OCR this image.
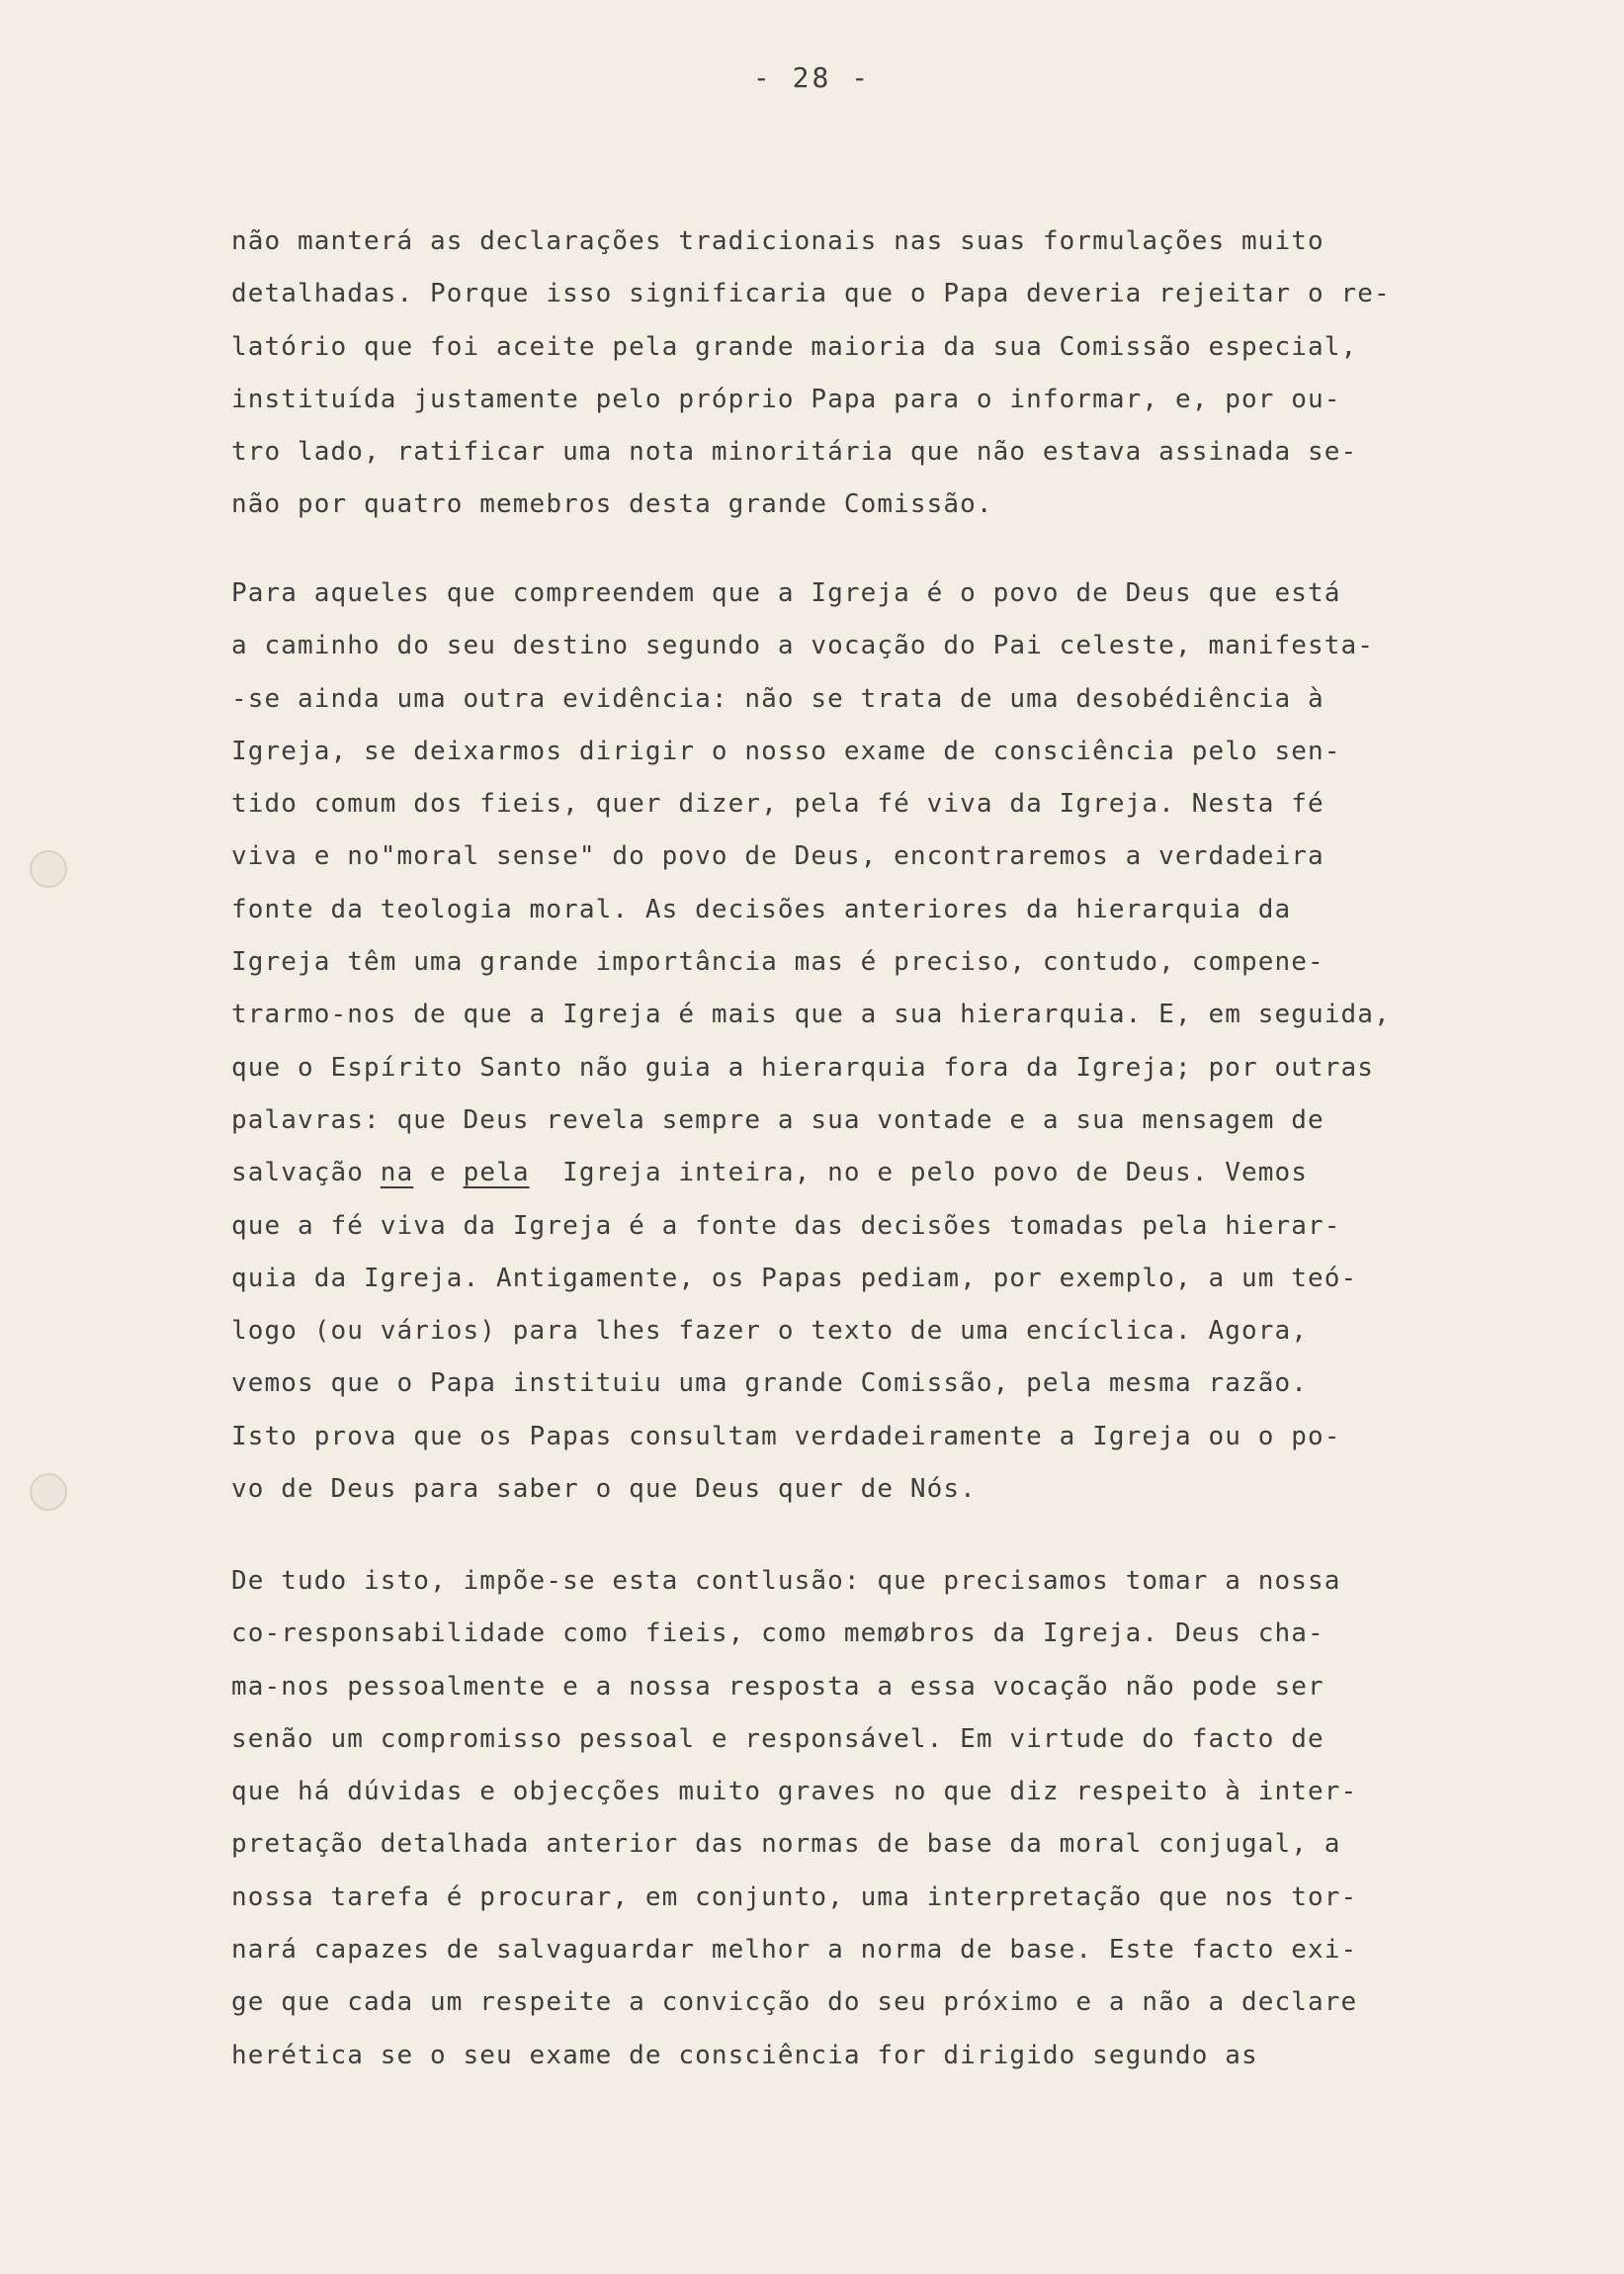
- 28 -
não manterá as declarações tradicionais nas suas formulações muito
detalhadas. Porque isso significaria que o Papa deveria rejeitar o re-
latório que foi aceite pela grande maioria da sua Comissão especial,
instituída justamente pelo próprio Papa para o informar, e, por ou-
tro lado, ratificar uma nota minoritária que não estava assinada se-
não por quatro memebros desta grande Comissão.
Para aqueles que compreendem que a Igreja é o povo de Deus que está
a caminho do seu destino segundo a vocação do Pai celeste, manifesta-
-se ainda uma outra evidência: não se trata de uma desobédiência à
Igreja, se deixarmos dirigir o nosso exame de consciência pelo sen-
tido comum dos fieis, quer dizer, pela fé viva da Igreja. Nesta fé
viva e no"moral sense" do povo de Deus, encontraremos a verdadeira
fonte da teologia moral. As decisões anteriores da hierarquia da
Igreja têm uma grande importância mas é preciso, contudo, compene-
trarmo-nos de que a Igreja é mais que a sua hierarquia. E, em seguida,
que o Espírito Santo não guia a hierarquia fora da Igreja; por outras
palavras: que Deus revela sempre a sua vontade e a sua mensagem de
salvação na e pela  Igreja inteira, no e pelo povo de Deus. Vemos
que a fé viva da Igreja é a fonte das decisões tomadas pela hierar-
quia da Igreja. Antigamente, os Papas pediam, por exemplo, a um teó-
logo (ou vários) para lhes fazer o texto de uma encíclica. Agora,
vemos que o Papa instituiu uma grande Comissão, pela mesma razão.
Isto prova que os Papas consultam verdadeiramente a Igreja ou o po-
vo de Deus para saber o que Deus quer de Nós.
De tudo isto, impõe-se esta contlusão: que precisamos tomar a nossa
co-responsabilidade como fieis, como memøbros da Igreja. Deus cha-
ma-nos pessoalmente e a nossa resposta a essa vocação não pode ser
senão um compromisso pessoal e responsável. Em virtude do facto de
que há dúvidas e objecções muito graves no que diz respeito à inter-
pretação detalhada anterior das normas de base da moral conjugal, a
nossa tarefa é procurar, em conjunto, uma interpretação que nos tor-
nará capazes de salvaguardar melhor a norma de base. Este facto exi-
ge que cada um respeite a convicção do seu próximo e a não a declare
herética se o seu exame de consciência for dirigido segundo as
